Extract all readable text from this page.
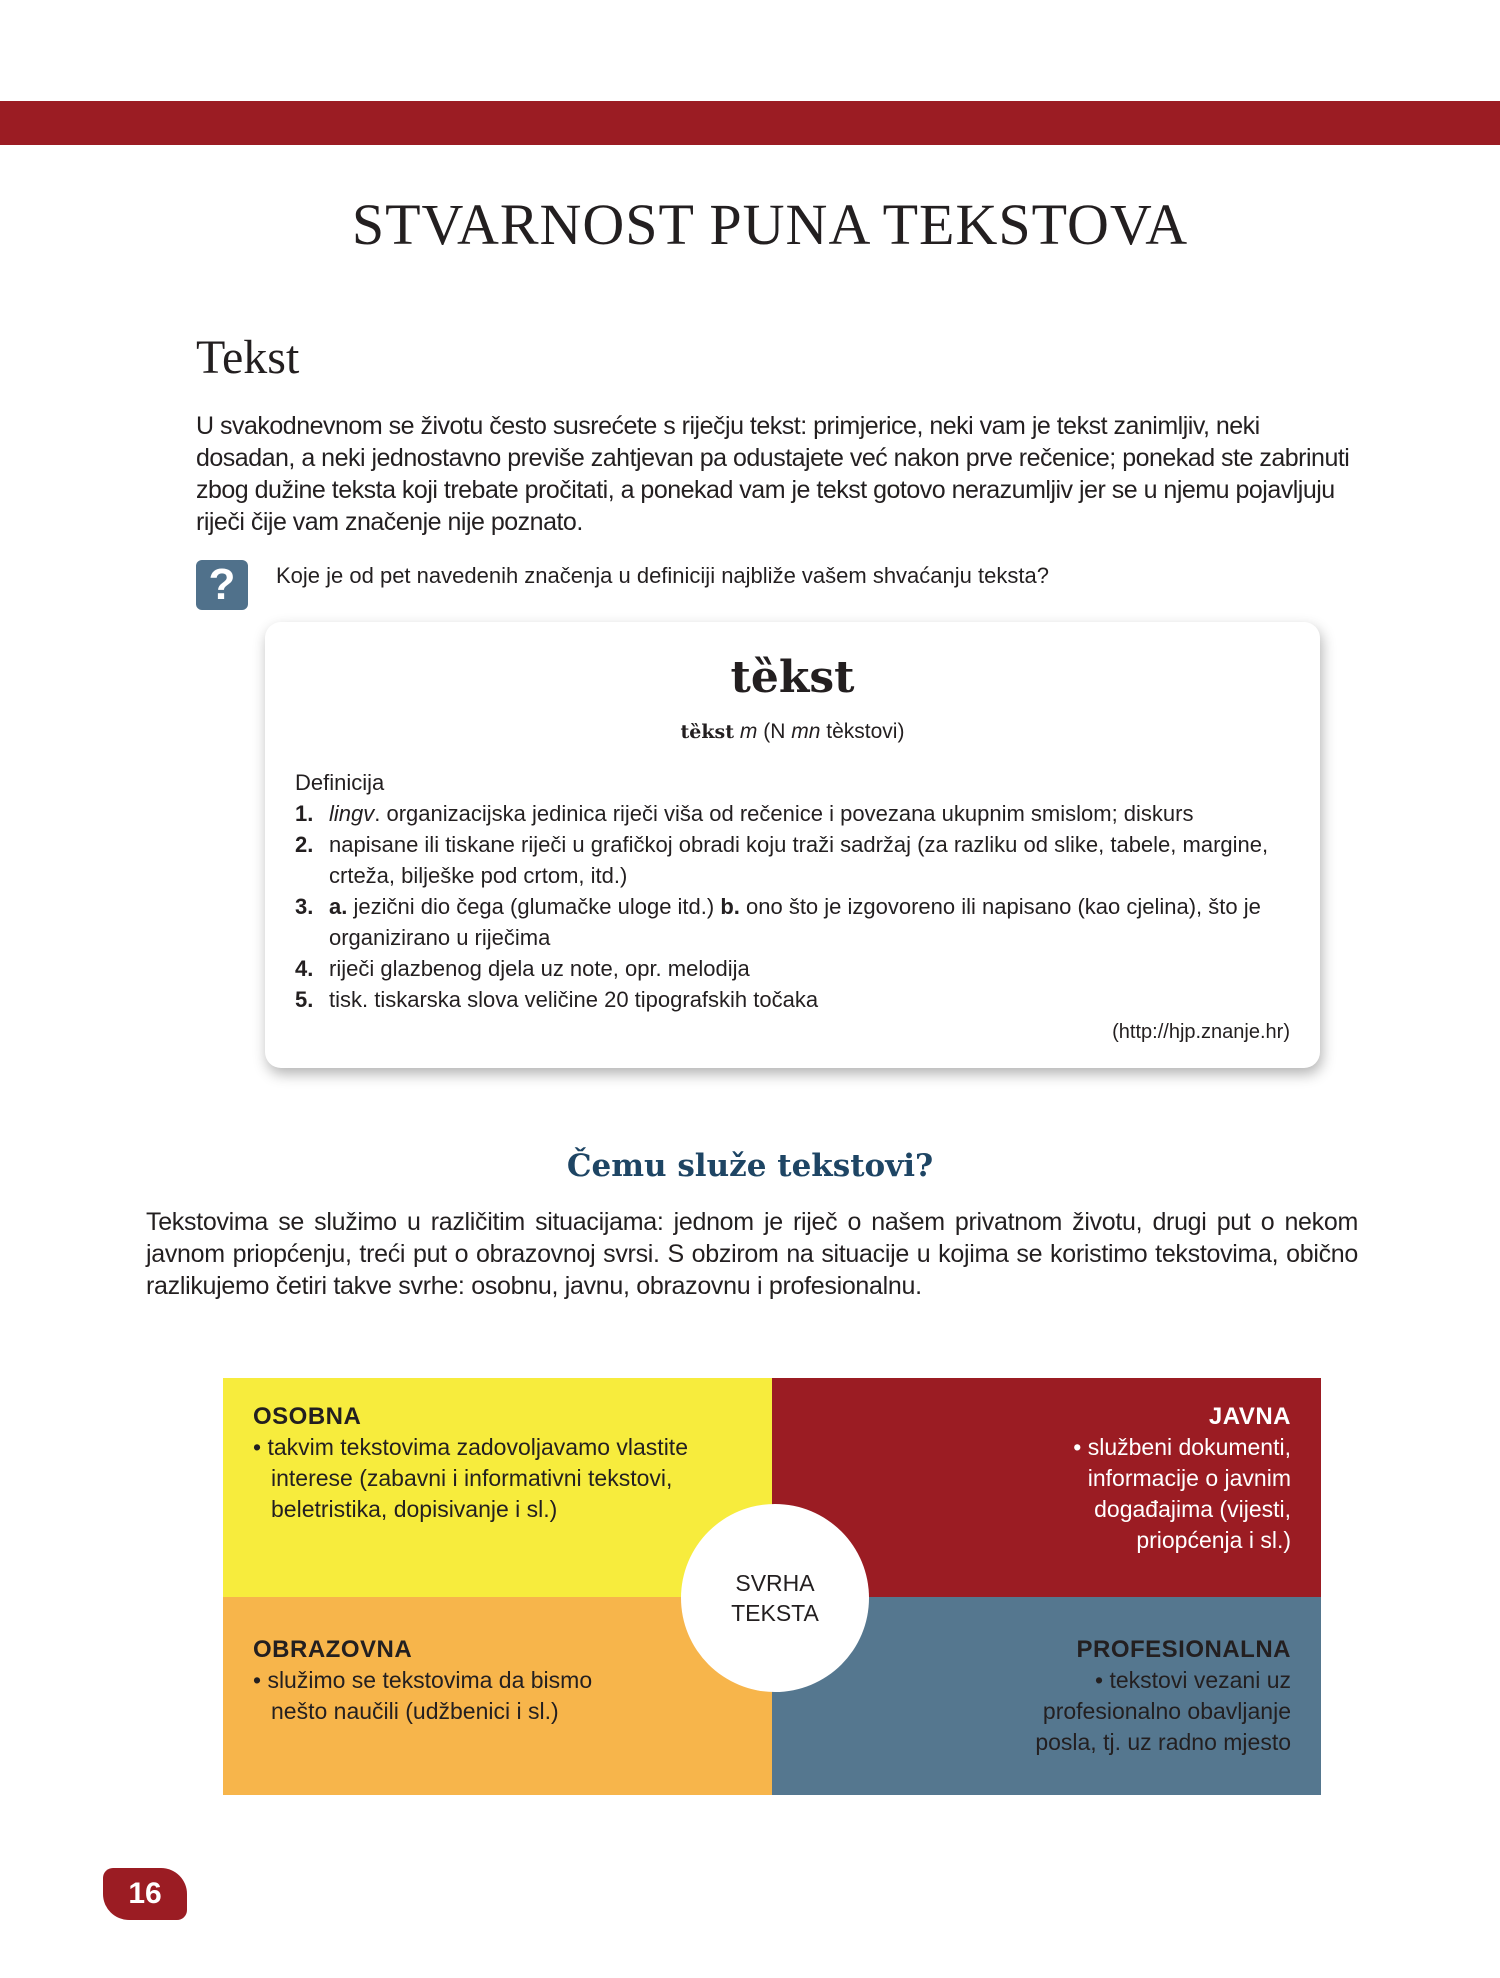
STVARNOST PUNA TEKSTOVA
Tekst

U svakodnevnom se životu često susrećete s riječju tekst: primjerice, neki vam je tekst zanimljiv, neki dosadan, a neki jednostavno previše zahtjevan pa odustajete već nakon prve rečenice; ponekad ste zabrinuti zbog dužine teksta koji trebate pročitati, a ponekad vam je tekst gotovo nerazumljiv jer se u njemu pojavljuju riječi čije vam značenje nije poznato.

?	Koje je od pet navedenih značenja u definiciji najbliže vašem shvaćanju teksta?

tȅkst

tȅkst m (N mn tèkstovi)

Definicija

1. lingv. organizacijska jedinica riječi viša od rečenice i povezana ukupnim smislom; diskurs
2. napisane ili tiskane riječi u grafičkoj obradi koju traži sadržaj (za razliku od slike, tabele, margine, crteža, bilješke pod crtom, itd.)
3. a. jezični dio čega (glumačke uloge itd.) b. ono što je izgovoreno ili napisano (kao cjelina), što je organizirano u riječima
4. riječi glazbenog djela uz note, opr. melodija
5. tisk. tiskarska slova veličine 20 tipografskih točaka

(http://hjp.znanje.hr)

Čemu služe tekstovi?

Tekstovima se služimo u različitim situacijama: jednom je riječ o našem privatnom životu, drugi put o nekom javnom priopćenju, treći put o obrazovnoj svrsi. S obzirom na situacije u kojima se koristimo tekstovima, obično razlikujemo četiri takve svrhe: osobnu, javnu, obrazovnu i profesionalnu.

OSOBNA

• takvim tekstovima zadovoljavamo vlastite interese (zabavni i informativni tekstovi, beletristika, dopisivanje i sl.)

JAVNA

• službeni dokumenti, informacije o javnim događajima (vijesti, priopćenja i sl.)

OBRAZOVNA

• služimo se tekstovima da bismo nešto naučili (udžbenici i sl.)

PROFESIONALNA

• tekstovi vezani uz profesionalno obavljanje posla, tj. uz radno mjesto

SVRHA
TEKSTA
16
